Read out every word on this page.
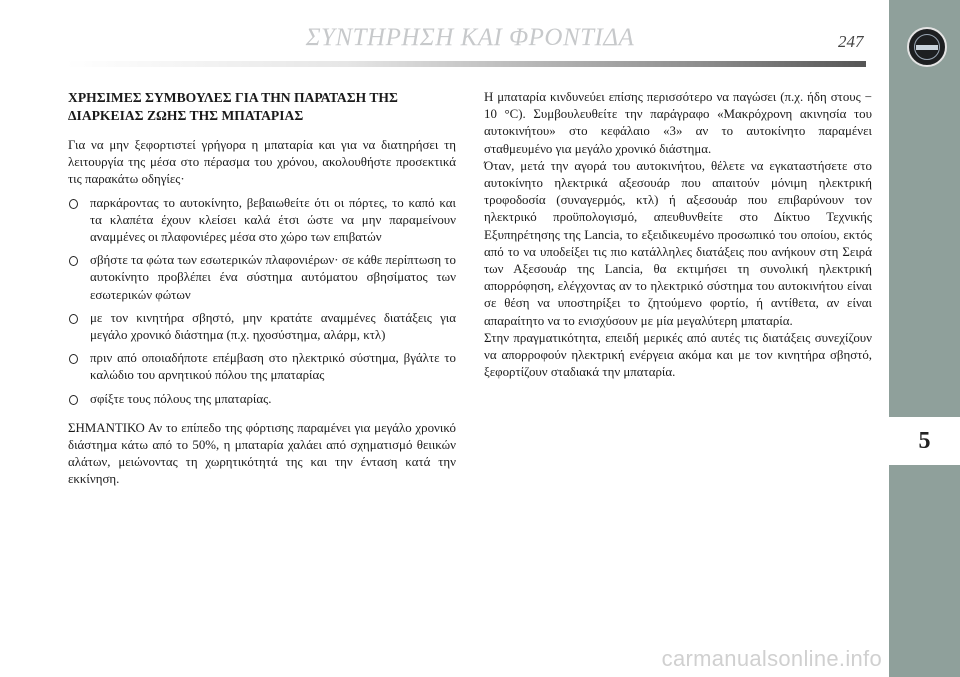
ΣΥΝΤΗΡΗΣΗ ΚΑΙ ΦΡΟΝΤΙΔΑ	247
5
ΧΡΗΣΙΜΕΣ ΣΥΜΒΟΥΛΕΣ ΓΙΑ ΤΗΝ ΠΑΡΑΤΑΣΗ ΤΗΣ
ΔΙΑΡΚΕΙΑΣ ΖΩΗΣ ΤΗΣ ΜΠΑΤΑΡΙΑΣ

Για να μην ξεφορτιστεί γρήγορα η μπαταρία και για να διατηρήσει τη λειτουργία της μέσα στο πέρασμα του χρόνου, ακολουθήστε προσεκτικά τις παρακάτω οδηγίες·

παρκάροντας το αυτοκίνητο, βεβαιωθείτε ότι οι πόρτες, το καπό και τα κλαπέτα έχουν κλείσει καλά έτσι ώστε να μην παραμείνουν αναμμένες οι πλαφονιέρες μέσα στο χώρο των επιβατών
σβήστε τα φώτα των εσωτερικών πλαφονιέρων· σε κάθε περίπτωση το αυτοκίνητο προβλέπει ένα σύστημα αυτόματου σβησίματος των εσωτερικών φώτων
με τον κινητήρα σβηστό, μην κρατάτε αναμμένες διατάξεις για μεγάλο χρονικό διάστημα (π.χ. ηχοσύστημα, αλάρμ, κτλ)
πριν από οποιαδήποτε επέμβαση στο ηλεκτρικό σύστημα, βγάλτε το καλώδιο του αρνητικού πόλου της μπαταρίας
σφίξτε τους πόλους της μπαταρίας.

ΣΗΜΑΝΤΙΚΟ Αν το επίπεδο της φόρτισης παραμένει για μεγάλο χρονικό διάστημα κάτω από το 50%, η μπαταρία χαλάει από σχηματισμό θειικών αλάτων, μειώνοντας τη χωρητικότητά της και την ένταση κατά την εκκίνηση.

Η μπαταρία κινδυνεύει επίσης περισσότερο να παγώσει (π.χ. ήδη στους − 10 °C). Συμβουλευθείτε την παράγραφο «Μακρόχρονη ακινησία του αυτοκινήτου» στο κεφάλαιο «3» αν το αυτοκίνητο παραμένει σταθμευμένο για μεγάλο χρονικό διάστημα.

Όταν, μετά την αγορά του αυτοκινήτου, θέλετε να εγκαταστήσετε στο αυτοκίνητο ηλεκτρικά αξεσουάρ που απαιτούν μόνιμη ηλεκτρική τροφοδοσία (συναγερμός, κτλ) ή αξεσουάρ που επιβαρύνουν τον ηλεκτρικό προϋπολογισμό, απευθυνθείτε στο Δίκτυο Τεχνικής Εξυπηρέτησης της Lancia, το εξειδικευμένο προσωπικό του οποίου, εκτός από το να υποδείξει τις πιο κατάλληλες διατάξεις που ανήκουν στη Σειρά των Αξεσουάρ της Lancia, θα εκτιμήσει τη συνολική ηλεκτρική απορρόφηση, ελέγχοντας αν το ηλεκτρικό σύστημα του αυτοκινήτου είναι σε θέση να υποστηρίξει το ζητούμενο φορτίο, ή αντίθετα, αν είναι απαραίτητο να το ενισχύσουν με μία μεγαλύτερη μπαταρία.

Στην πραγματικότητα, επειδή μερικές από αυτές τις διατάξεις συνεχίζουν να απορροφούν ηλεκτρική ενέργεια ακόμα και με τον κινητήρα σβηστό, ξεφορτίζουν σταδιακά την μπαταρία.

carmanualsonline.info
